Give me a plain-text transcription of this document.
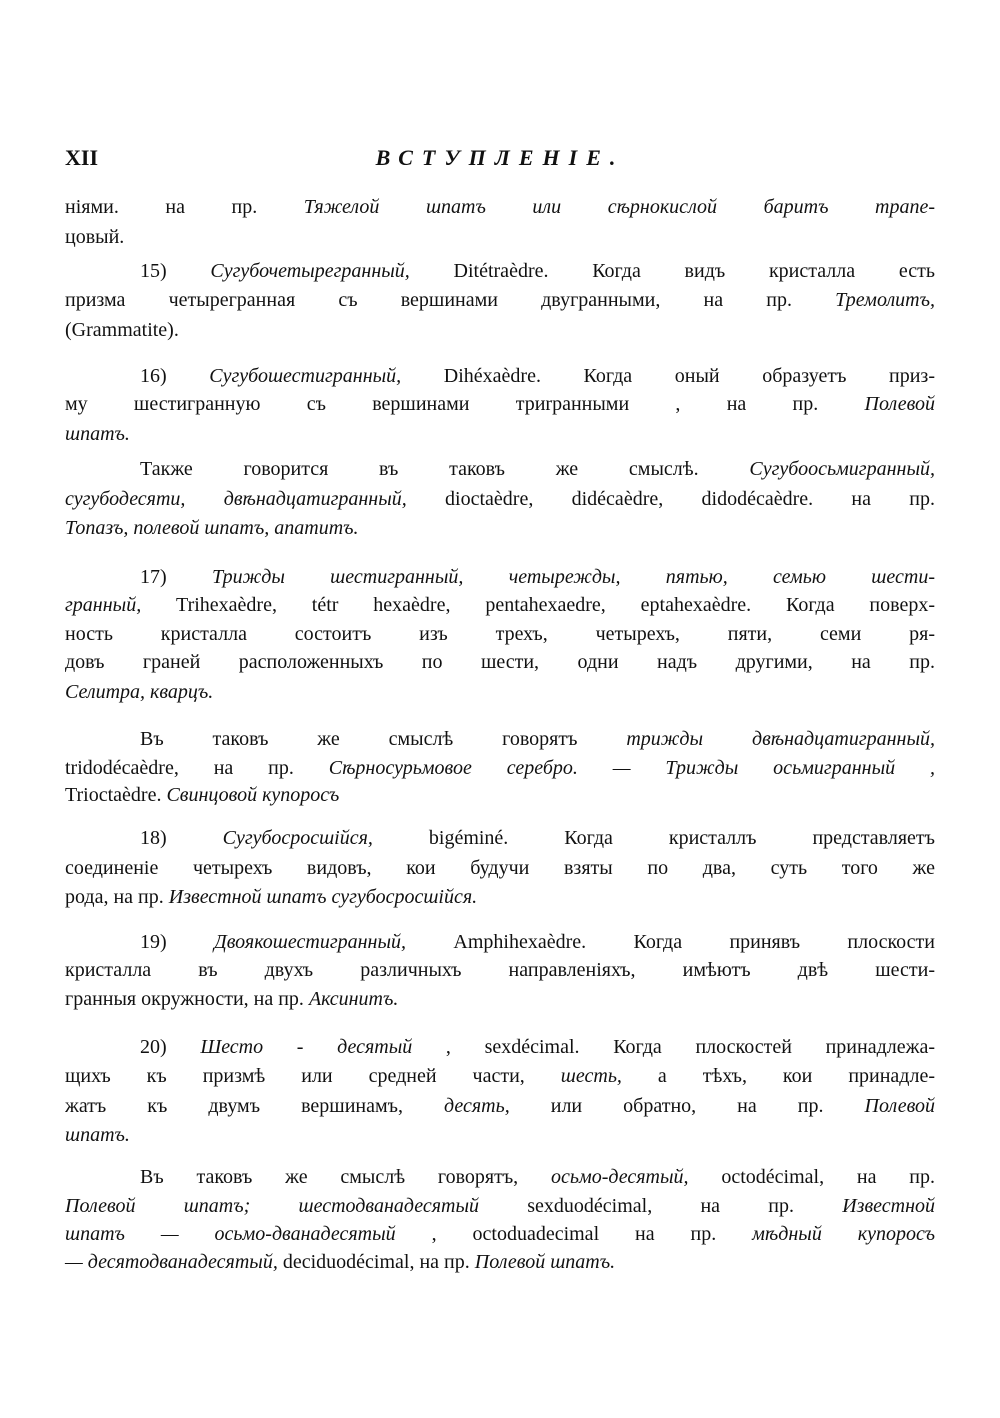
XII	ВСТУПЛЕНІЕ.
ніями. на пр. Тяжелой шпатъ или сѣрнокислой баритъ трапе-
цовый.
15) Сугубочетырегранный, Ditétraèdre. Когда видъ кристалла есть
призма четырегранная съ вершинами двугранными, на пр. Тремолитъ,
(Grammatite).
16) Сугубошестигранный, Dihéxaèdre. Когда оный образуетъ приз-
му шестигранную съ вершинами триrранными , на пр. Полевой
шпатъ.
Также говорится въ таковъ же смыслѣ. Сугубоосьмигранный,
сугубодесяти, двѣнадцатигранный, dioctaèdre, didécaèdre, didodécaèdre. на пр.
Топазъ, полевой шпатъ, апатитъ.
17) Трижды шестигранный, четырежды, пятью, семью шести-
гранный, Trihexaèdre, tétr hexaèdre, pentahexaedre, eptahexaèdre. Когда поверх-
ность кристалла состоитъ изъ трехъ, четырехъ, пяти, семи ря-
довъ граней расположенныхъ по шести, одни надъ другими, на пр.
Селитра, кварцъ.
Въ таковъ же смыслѣ говорятъ трижды двѣнадцатигранный,
tridodécaèdre, на пр. Сѣрносурьмовое серебро. — Трижды осьмигранный ,
Trioctaèdre. Свинцовой купоросъ
18) Сугубосросшійся, bigéminé. Когда кристаллъ представляетъ
соединеніе четырехъ видовъ, кои будучи взяты по два, суть того же
рода, на пр. Известной шпатъ сугубосросшійся.
19) Двоякошестигранный, Amphihexaèdre. Когда принявъ плоскости
кристалла въ двухъ различныхъ направленіяхъ, имѣютъ двѣ шести-
гранныя окружности, на пр. Аксинитъ.
20) Шесто - десятый , sexdécimal. Когда плоскостей принадлежа-
щихъ къ призмѣ или средней части, шесть, а тѣхъ, кои принадле-
жатъ къ двумъ вершинамъ, десять, или обратно, на пр. Полевой
шпатъ.
Въ таковъ же смыслѣ говорятъ, осьмо-десятый, octodécimal, на пр.
Полевой шпатъ; шестодванадесятый sexduodécimal, на пр. Известной
шпатъ — осьмо-дванадесятый , octoduadecimal на пр. мѣдный купоросъ
— десятодванадесятый, deciduodécimal, на пр. Полевой шпатъ.
